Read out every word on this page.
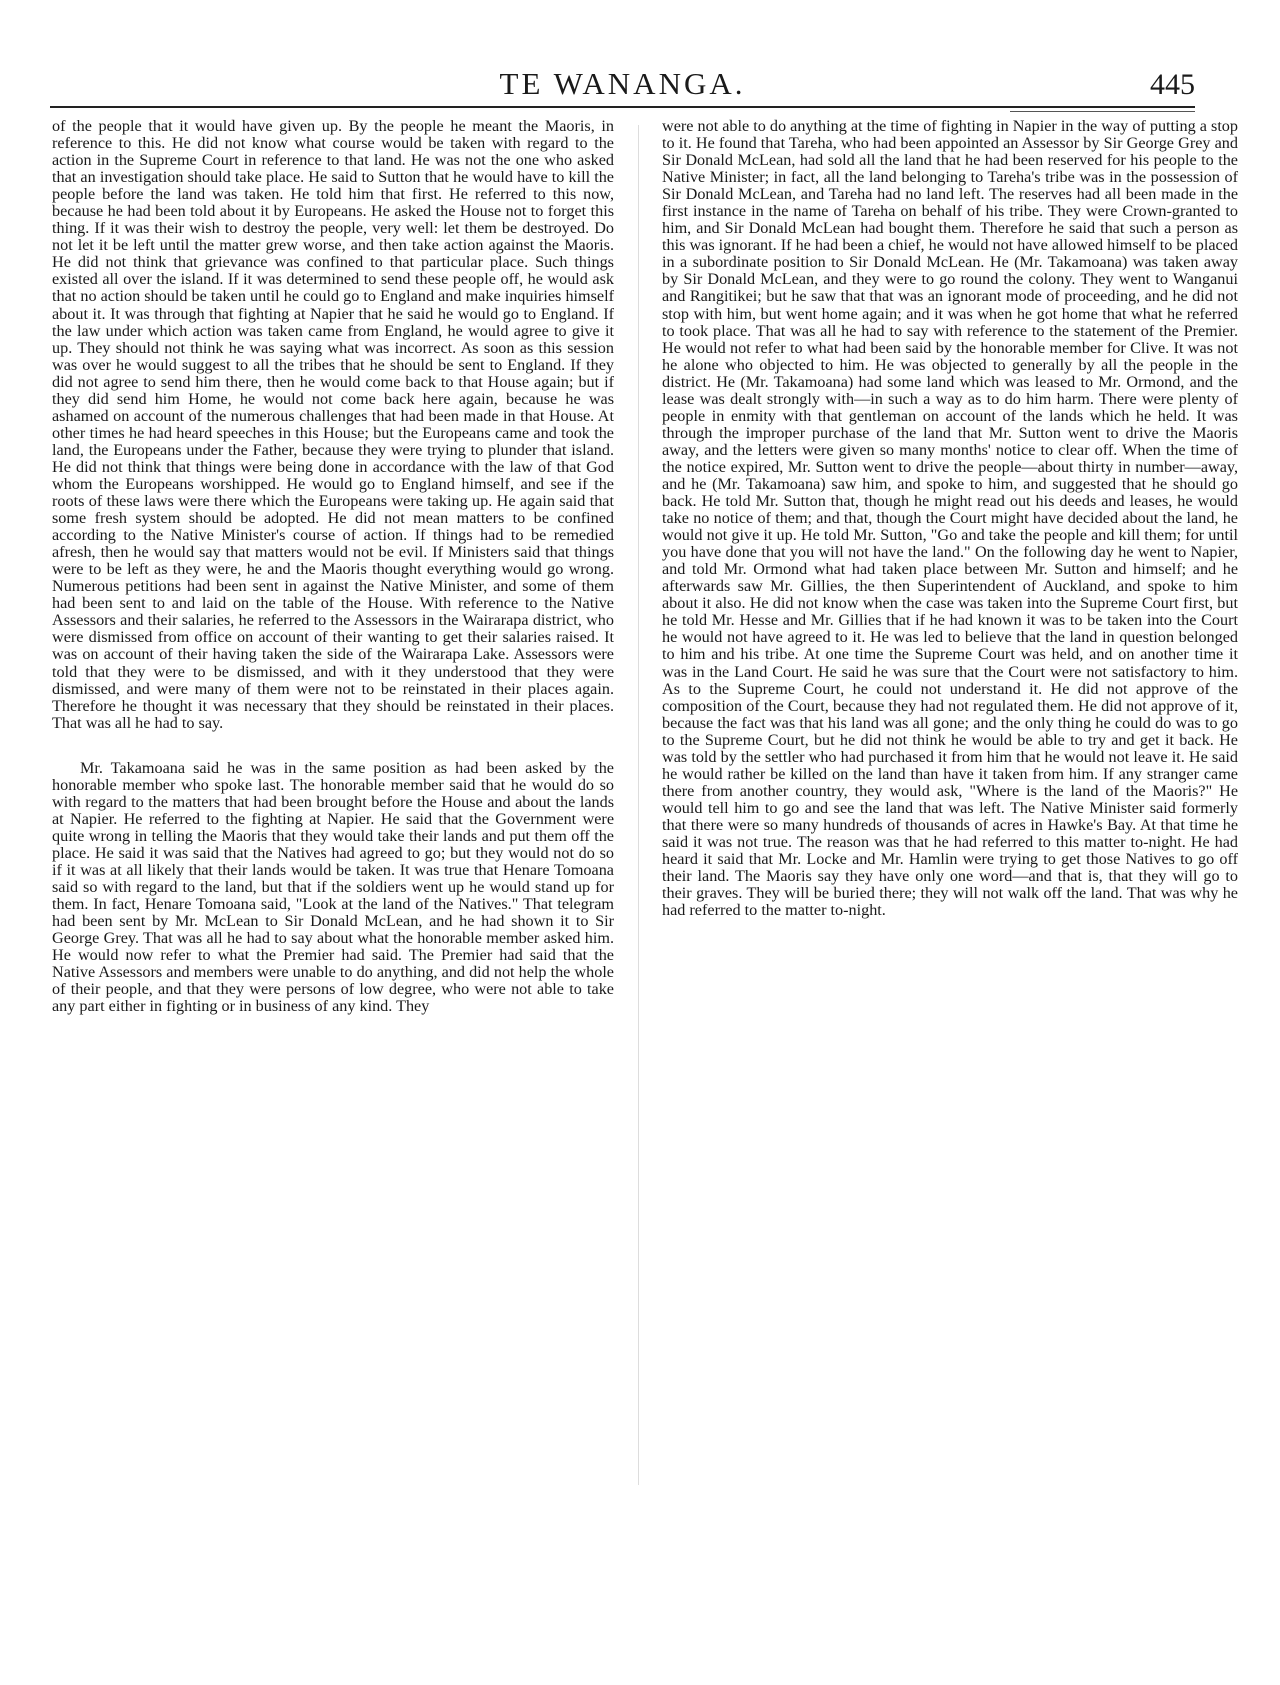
TE WANANGA.	445

of the people that it would have given up. By the people he meant the Maoris, in reference to this. He did not know what course would be taken with regard to the action in the Supreme Court in reference to that land. He was not the one who asked that an investigation should take place. He said to Sutton that he would have to kill the people before the land was taken. He told him that first. He referred to this now, because he had been told about it by Europeans. He asked the House not to forget this thing. If it was their wish to destroy the people, very well: let them be destroyed. Do not let it be left until the matter grew worse, and then take action against the Maoris. He did not think that grievance was confined to that particular place. Such things existed all over the island. If it was determined to send these people off, he would ask that no action should be taken until he could go to England and make inquiries himself about it. It was through that fighting at Napier that he said he would go to England. If the law under which action was taken came from England, he would agree to give it up. They should not think he was saying what was incorrect. As soon as this session was over he would suggest to all the tribes that he should be sent to England. If they did not agree to send him there, then he would come back to that House again; but if they did send him Home, he would not come back here again, because he was ashamed on account of the numerous challenges that had been made in that House. At other times he had heard speeches in this House; but the Europeans came and took the land, the Europeans under the Father, because they were trying to plunder that island. He did not think that things were being done in accordance with the law of that God whom the Europeans worshipped. He would go to England himself, and see if the roots of these laws were there which the Europeans were taking up. He again said that some fresh system should be adopted. He did not mean matters to be confined according to the Native Minister's course of action. If things had to be remedied afresh, then he would say that matters would not be evil. If Ministers said that things were to be left as they were, he and the Maoris thought everything would go wrong. Numerous petitions had been sent in against the Native Minister, and some of them had been sent to and laid on the table of the House. With reference to the Native Assessors and their salaries, he referred to the Assessors in the Wairarapa district, who were dismissed from office on account of their wanting to get their salaries raised. It was on account of their having taken the side of the Wairarapa Lake. Assessors were told that they were to be dismissed, and with it they understood that they were dismissed, and were many of them were not to be reinstated in their places again. Therefore he thought it was necessary that they should be reinstated in their places. That was all he had to say.

Mr. Takamoana said he was in the same position as had been asked by the honorable member who spoke last. The honorable member said that he would do so with regard to the matters that had been brought before the House and about the lands at Napier. He referred to the fighting at Napier. He said that the Government were quite wrong in telling the Maoris that they would take their lands and put them off the place. He said it was said that the Natives had agreed to go; but they would not do so if it was at all likely that their lands would be taken. It was true that Henare Tomoana said so with regard to the land, but that if the soldiers went up he would stand up for them. In fact, Henare Tomoana said, "Look at the land of the Natives." That telegram had been sent by Mr. McLean to Sir Donald McLean, and he had shown it to Sir George Grey. That was all he had to say about what the honorable member asked him. He would now refer to what the Premier had said. The Premier had said that the Native Assessors and members were unable to do anything, and did not help the whole of their people, and that they were persons of low degree, who were not able to take any part either in fighting or in business of any kind. They

were not able to do anything at the time of fighting in Napier in the way of putting a stop to it. He found that Tareha, who had been appointed an Assessor by Sir George Grey and Sir Donald McLean, had sold all the land that he had been reserved for his people to the Native Minister; in fact, all the land belonging to Tareha's tribe was in the possession of Sir Donald McLean, and Tareha had no land left. The reserves had all been made in the first instance in the name of Tareha on behalf of his tribe. They were Crown-granted to him, and Sir Donald McLean had bought them. Therefore he said that such a person as this was ignorant. If he had been a chief, he would not have allowed himself to be placed in a subordinate position to Sir Donald McLean. He (Mr. Takamoana) was taken away by Sir Donald McLean, and they were to go round the colony. They went to Wanganui and Rangitikei; but he saw that that was an ignorant mode of proceeding, and he did not stop with him, but went home again; and it was when he got home that what he referred to took place. That was all he had to say with reference to the statement of the Premier. He would not refer to what had been said by the honorable member for Clive. It was not he alone who objected to him. He was objected to generally by all the people in the district. He (Mr. Takamoana) had some land which was leased to Mr. Ormond, and the lease was dealt strongly with—in such a way as to do him harm. There were plenty of people in enmity with that gentleman on account of the lands which he held. It was through the improper purchase of the land that Mr. Sutton went to drive the Maoris away, and the letters were given so many months' notice to clear off. When the time of the notice expired, Mr. Sutton went to drive the people—about thirty in number—away, and he (Mr. Takamoana) saw him, and spoke to him, and suggested that he should go back. He told Mr. Sutton that, though he might read out his deeds and leases, he would take no notice of them; and that, though the Court might have decided about the land, he would not give it up. He told Mr. Sutton, "Go and take the people and kill them; for until you have done that you will not have the land." On the following day he went to Napier, and told Mr. Ormond what had taken place between Mr. Sutton and himself; and he afterwards saw Mr. Gillies, the then Superintendent of Auckland, and spoke to him about it also. He did not know when the case was taken into the Supreme Court first, but he told Mr. Hesse and Mr. Gillies that if he had known it was to be taken into the Court he would not have agreed to it. He was led to believe that the land in question belonged to him and his tribe. At one time the Supreme Court was held, and on another time it was in the Land Court. He said he was sure that the Court were not satisfactory to him. As to the Supreme Court, he could not understand it. He did not approve of the composition of the Court, because they had not regulated them. He did not approve of it, because the fact was that his land was all gone; and the only thing he could do was to go to the Supreme Court, but he did not think he would be able to try and get it back. He was told by the settler who had purchased it from him that he would not leave it. He said he would rather be killed on the land than have it taken from him. If any stranger came there from another country, they would ask, "Where is the land of the Maoris?" He would tell him to go and see the land that was left. The Native Minister said formerly that there were so many hundreds of thousands of acres in Hawke's Bay. At that time he said it was not true. The reason was that he had referred to this matter to-night. He had heard it said that Mr. Locke and Mr. Hamlin were trying to get those Natives to go off their land. The Maoris say they have only one word—and that is, that they will go to their graves. They will be buried there; they will not walk off the land. That was why he had referred to the matter to-night.
